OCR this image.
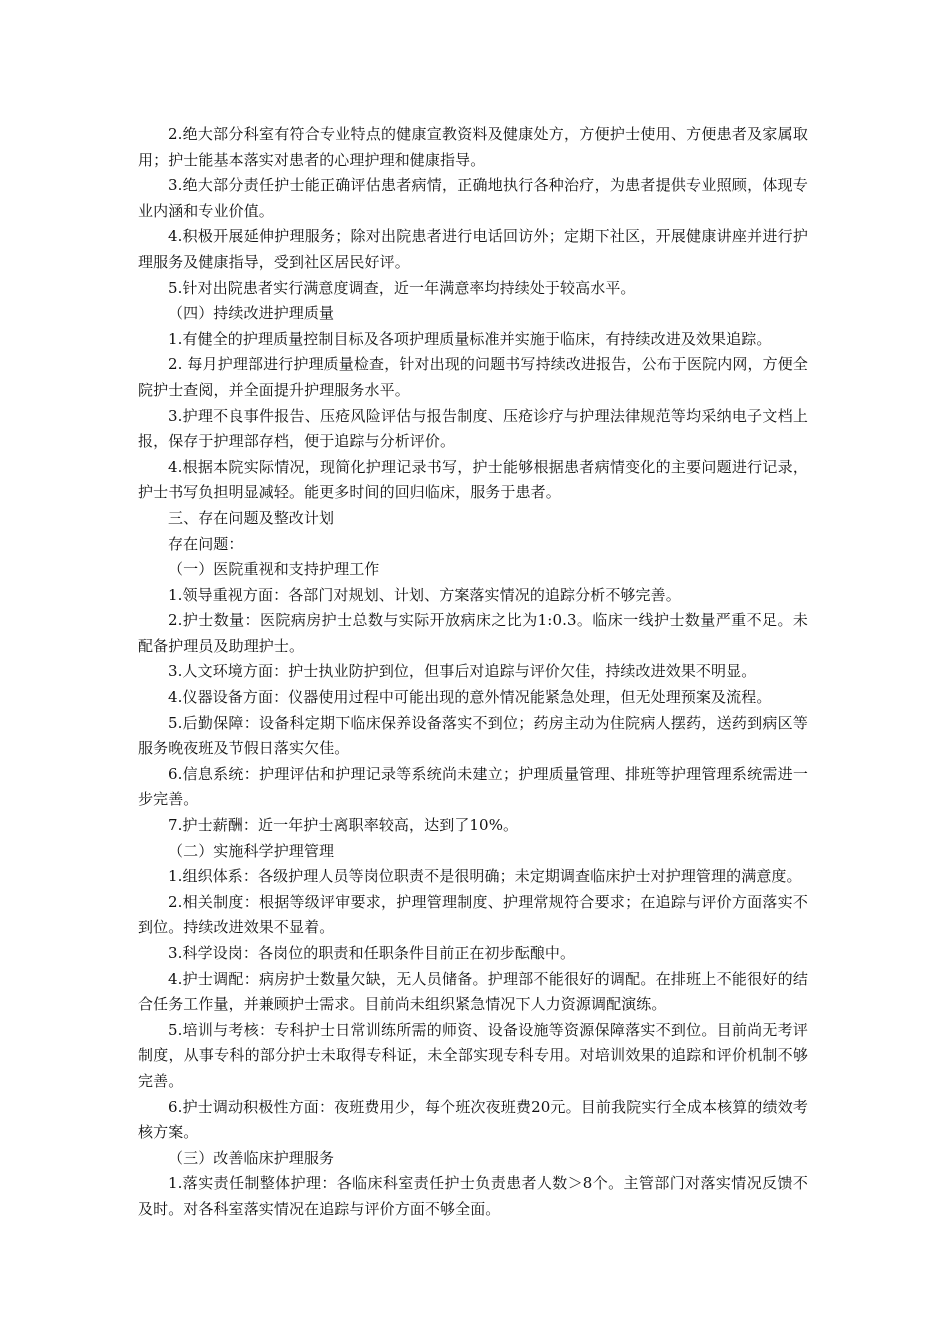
2.绝大部分科室有符合专业特点的健康宣教资料及健康处方，方便护士使用、方便患者及家属取用；护士能基本落实对患者的心理护理和健康指导。

3.绝大部分责任护士能正确评估患者病情，正确地执行各种治疗，为患者提供专业照顾，体现专业内涵和专业价值。

4.积极开展延伸护理服务；除对出院患者进行电话回访外；定期下社区，开展健康讲座并进行护理服务及健康指导，受到社区居民好评。

5.针对出院患者实行满意度调查，近一年满意率均持续处于较高水平。

（四）持续改进护理质量

1.有健全的护理质量控制目标及各项护理质量标准并实施于临床，有持续改进及效果追踪。

2. 每月护理部进行护理质量检查，针对出现的问题书写持续改进报告，公布于医院内网，方便全院护士查阅，并全面提升护理服务水平。

3.护理不良事件报告、压疮风险评估与报告制度、压疮诊疗与护理法律规范等均采纳电子文档上报，保存于护理部存档，便于追踪与分析评价。

4.根据本院实际情况，现简化护理记录书写，护士能够根据患者病情变化的主要问题进行记录，护士书写负担明显减轻。能更多时间的回归临床，服务于患者。

三、存在问题及整改计划

存在问题：

（一）医院重视和支持护理工作

1.领导重视方面：各部门对规划、计划、方案落实情况的追踪分析不够完善。

2.护士数量：医院病房护士总数与实际开放病床之比为1:0.3。临床一线护士数量严重不足。未配备护理员及助理护士。

3.人文环境方面：护士执业防护到位，但事后对追踪与评价欠佳，持续改进效果不明显。

4.仪器设备方面：仪器使用过程中可能出现的意外情况能紧急处理，但无处理预案及流程。

5.后勤保障：设备科定期下临床保养设备落实不到位；药房主动为住院病人摆药，送药到病区等服务晚夜班及节假日落实欠佳。

6.信息系统：护理评估和护理记录等系统尚未建立；护理质量管理、排班等护理管理系统需进一步完善。

7.护士薪酬：近一年护士离职率较高，达到了10%。

（二）实施科学护理管理

1.组织体系：各级护理人员等岗位职责不是很明确；未定期调查临床护士对护理管理的满意度。

2.相关制度：根据等级评审要求，护理管理制度、护理常规符合要求；在追踪与评价方面落实不到位。持续改进效果不显着。

3.科学设岗：各岗位的职责和任职条件目前正在初步酝酿中。

4.护士调配：病房护士数量欠缺，无人员储备。护理部不能很好的调配。在排班上不能很好的结合任务工作量，并兼顾护士需求。目前尚未组织紧急情况下人力资源调配演练。

5.培训与考核：专科护士日常训练所需的师资、设备设施等资源保障落实不到位。目前尚无考评制度，从事专科的部分护士未取得专科证，未全部实现专科专用。对培训效果的追踪和评价机制不够完善。

6.护士调动积极性方面：夜班费用少，每个班次夜班费20元。目前我院实行全成本核算的绩效考核方案。

（三）改善临床护理服务

1.落实责任制整体护理：各临床科室责任护士负责患者人数＞8个。主管部门对落实情况反馈不及时。对各科室落实情况在追踪与评价方面不够全面。
